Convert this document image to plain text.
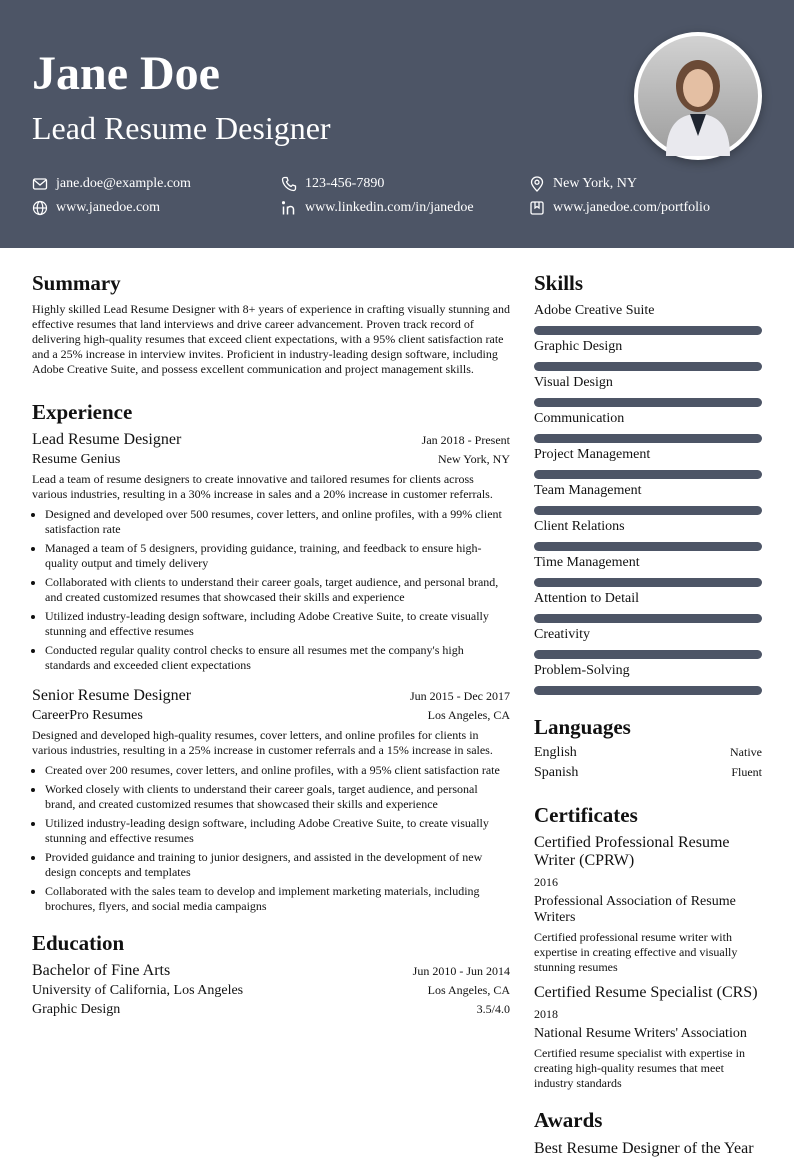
Jane Doe
Lead Resume Designer
jane.doe@example.com	123-456-7890	New York, NY
www.janedoe.com	www.linkedin.com/in/janedoe	www.janedoe.com/portfolio
Summary

Highly skilled Lead Resume Designer with 8+ years of experience in crafting visually stunning and effective resumes that land interviews and drive career advancement. Proven track record of delivering high-quality resumes that exceed client expectations, with a 95% client satisfaction rate and a 25% increase in interview invites. Proficient in industry-leading design software, including Adobe Creative Suite, and possess excellent communication and project management skills.

Experience
Lead Resume Designer	Jan 2018 - Present
Resume Genius	New York, NY

Lead a team of resume designers to create innovative and tailored resumes for clients across various industries, resulting in a 30% increase in sales and a 20% increase in customer referrals.

• Designed and developed over 500 resumes, cover letters, and online profiles, with a 99% client satisfaction rate
• Managed a team of 5 designers, providing guidance, training, and feedback to ensure high-quality output and timely delivery
• Collaborated with clients to understand their career goals, target audience, and personal brand, and created customized resumes that showcased their skills and experience
• Utilized industry-leading design software, including Adobe Creative Suite, to create visually stunning and effective resumes
• Conducted regular quality control checks to ensure all resumes met the company's high standards and exceeded client expectations
Senior Resume Designer	Jun 2015 - Dec 2017
CareerPro Resumes	Los Angeles, CA

Designed and developed high-quality resumes, cover letters, and online profiles for clients in various industries, resulting in a 25% increase in customer referrals and a 15% increase in sales.

• Created over 200 resumes, cover letters, and online profiles, with a 95% client satisfaction rate
• Worked closely with clients to understand their career goals, target audience, and personal brand, and created customized resumes that showcased their skills and experience
• Utilized industry-leading design software, including Adobe Creative Suite, to create visually stunning and effective resumes
• Provided guidance and training to junior designers, and assisted in the development of new design concepts and templates
• Collaborated with the sales team to develop and implement marketing materials, including brochures, flyers, and social media campaigns
Education
Bachelor of Fine Arts	Jun 2010 - Jun 2014
University of California, Los Angeles	Los Angeles, CA
Graphic Design	3.5/4.0
Skills
Adobe Creative Suite
Graphic Design
Visual Design
Communication
Project Management
Team Management
Client Relations
Time Management
Attention to Detail
Creativity
Problem-Solving
Languages
English	Native
Spanish	Fluent
Certificates
Certified Professional Resume Writer (CPRW)
2016
Professional Association of Resume Writers
Certified professional resume writer with expertise in creating effective and visually stunning resumes
Certified Resume Specialist (CRS)
2018
National Resume Writers' Association
Certified resume specialist with expertise in creating high-quality resumes that meet industry standards
Awards
Best Resume Designer of the Year
